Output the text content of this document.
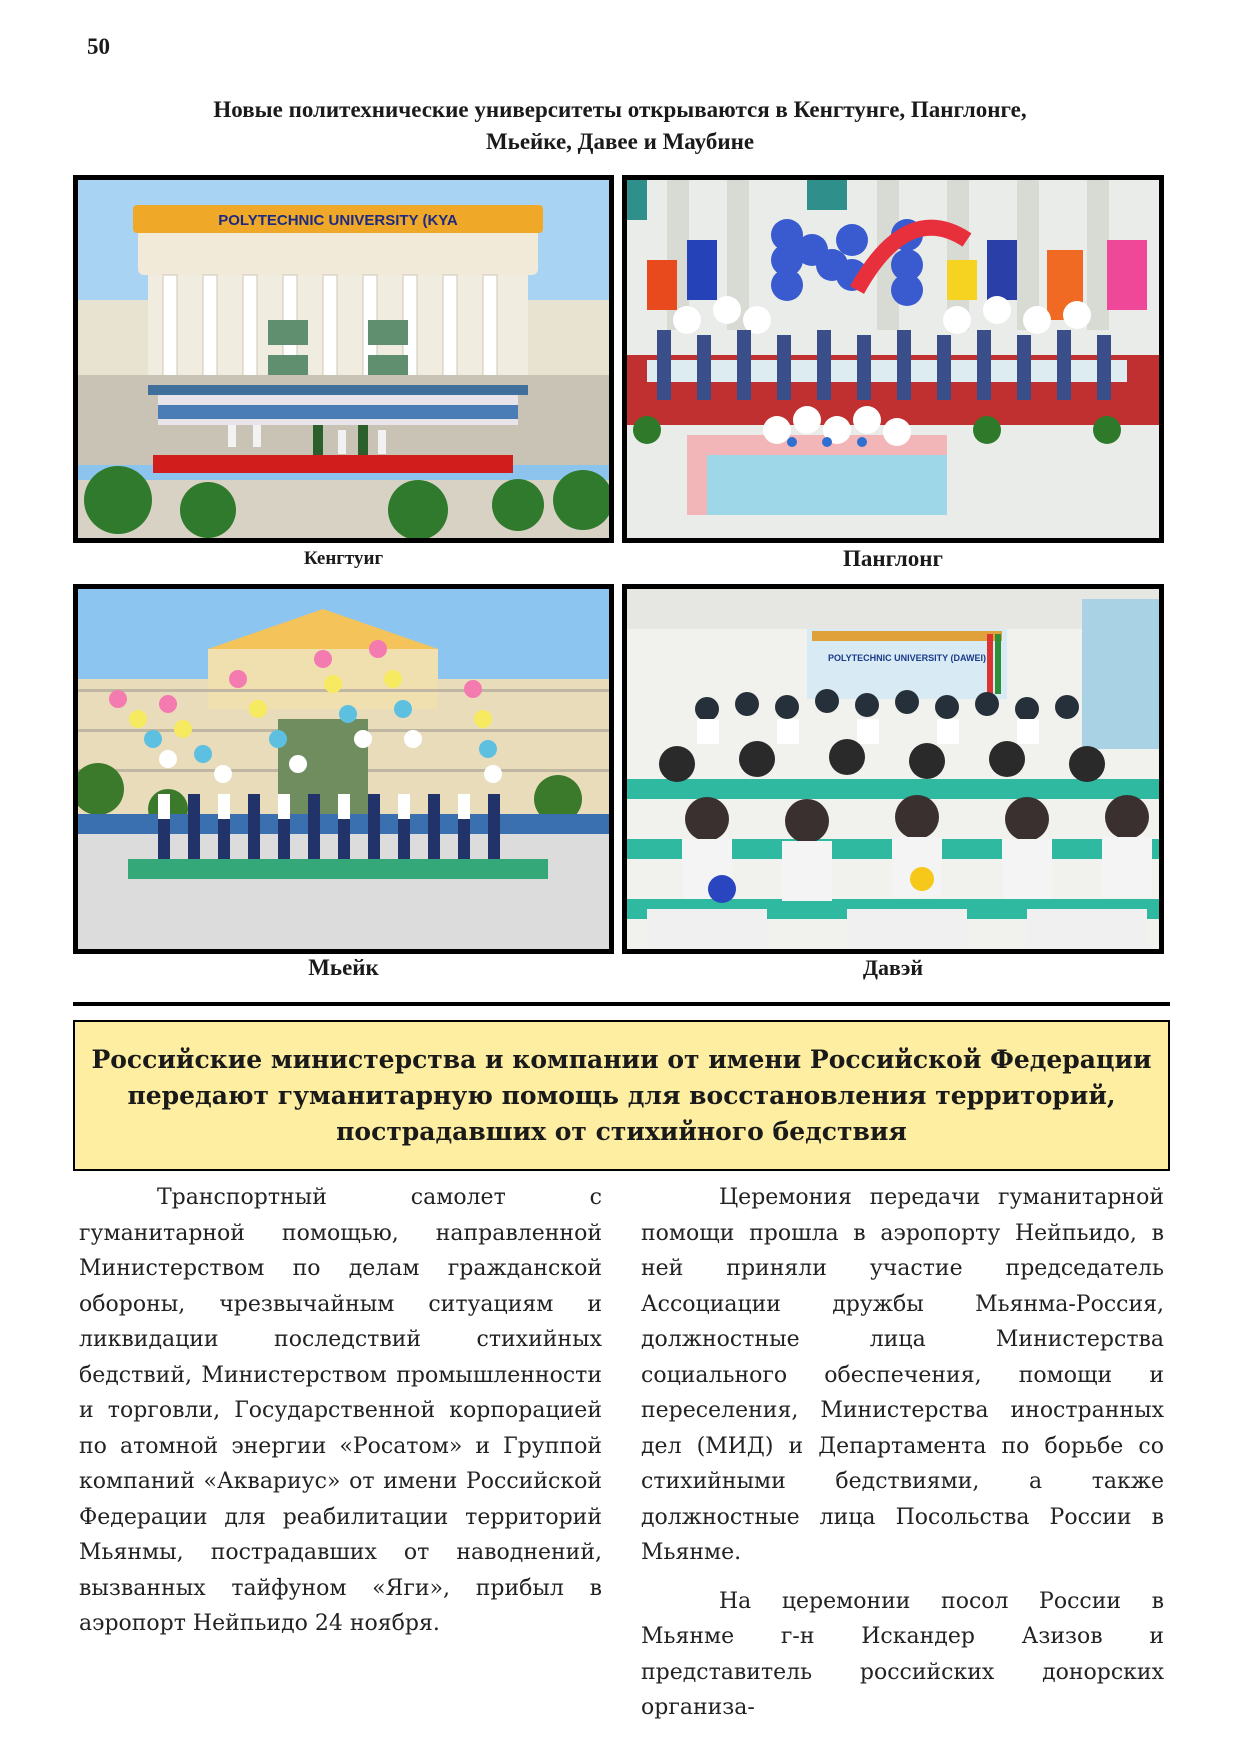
50
Новые политехнические университеты открываются в Кенгтунге, Панглонге,
Мьейке, Давее и Маубине
POLYTECHNIC UNIVERSITY (KYA
Кенгтуиг	Панглонг
Мьейк
POLYTECHNIC UNIVERSITY (DAWEI)
Давэй
Российские министерства и компании от имени Российской Федерации
передают гуманитарную помощь для восстановления территорий,
пострадавших от стихийного бедствия

Транспортный самолет с гуманитарной помощью, направленной Министерством по делам гражданской обороны, чрезвычайным ситуациям и ликвидации последствий стихийных бедствий, Министерством промышленности и торговли, Государственной корпорацией по атомной энергии «Росатом» и Группой компаний «Аквариус» от имени Российской Федерации для реабилитации территорий Мьянмы, пострадавших от наводнений, вызванных тайфуном «Яги», прибыл в аэропорт Нейпьидо 24 ноября.

Церемония передачи гуманитарной помощи прошла в аэропорту Нейпьидо, в ней приняли участие председатель Ассоциации дружбы Мьянма-Россия, должностные лица Министерства социального обеспечения, помощи и переселения, Министерства иностранных дел (МИД) и Департамента по борьбе со стихийными бедствиями, а также должностные лица Посольства России в Мьянме.

На церемонии посол России в Мьянме г-н Искандер Азизов и представитель российских донорских организа-
